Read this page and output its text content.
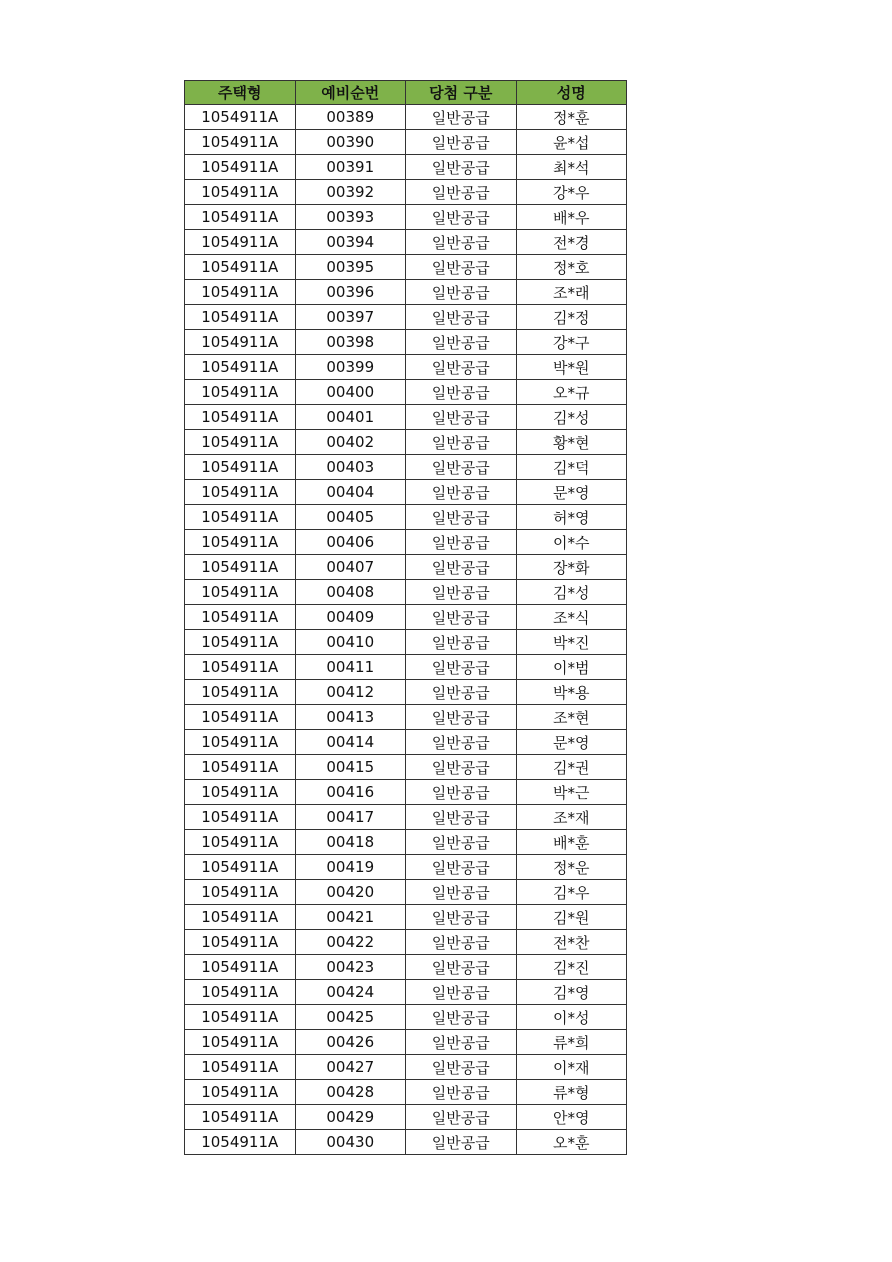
주택형	예비순번	당첨 구분	성명
1054911A	00389	일반공급	정*훈
1054911A	00390	일반공급	윤*섭
1054911A	00391	일반공급	최*석
1054911A	00392	일반공급	강*우
1054911A	00393	일반공급	배*우
1054911A	00394	일반공급	전*경
1054911A	00395	일반공급	정*호
1054911A	00396	일반공급	조*래
1054911A	00397	일반공급	김*정
1054911A	00398	일반공급	강*구
1054911A	00399	일반공급	박*원
1054911A	00400	일반공급	오*규
1054911A	00401	일반공급	김*성
1054911A	00402	일반공급	황*현
1054911A	00403	일반공급	김*덕
1054911A	00404	일반공급	문*영
1054911A	00405	일반공급	허*영
1054911A	00406	일반공급	이*수
1054911A	00407	일반공급	장*화
1054911A	00408	일반공급	김*성
1054911A	00409	일반공급	조*식
1054911A	00410	일반공급	박*진
1054911A	00411	일반공급	이*범
1054911A	00412	일반공급	박*용
1054911A	00413	일반공급	조*현
1054911A	00414	일반공급	문*영
1054911A	00415	일반공급	김*권
1054911A	00416	일반공급	박*근
1054911A	00417	일반공급	조*재
1054911A	00418	일반공급	배*훈
1054911A	00419	일반공급	정*운
1054911A	00420	일반공급	김*우
1054911A	00421	일반공급	김*원
1054911A	00422	일반공급	전*찬
1054911A	00423	일반공급	김*진
1054911A	00424	일반공급	김*영
1054911A	00425	일반공급	이*성
1054911A	00426	일반공급	류*희
1054911A	00427	일반공급	이*재
1054911A	00428	일반공급	류*형
1054911A	00429	일반공급	안*영
1054911A	00430	일반공급	오*훈
